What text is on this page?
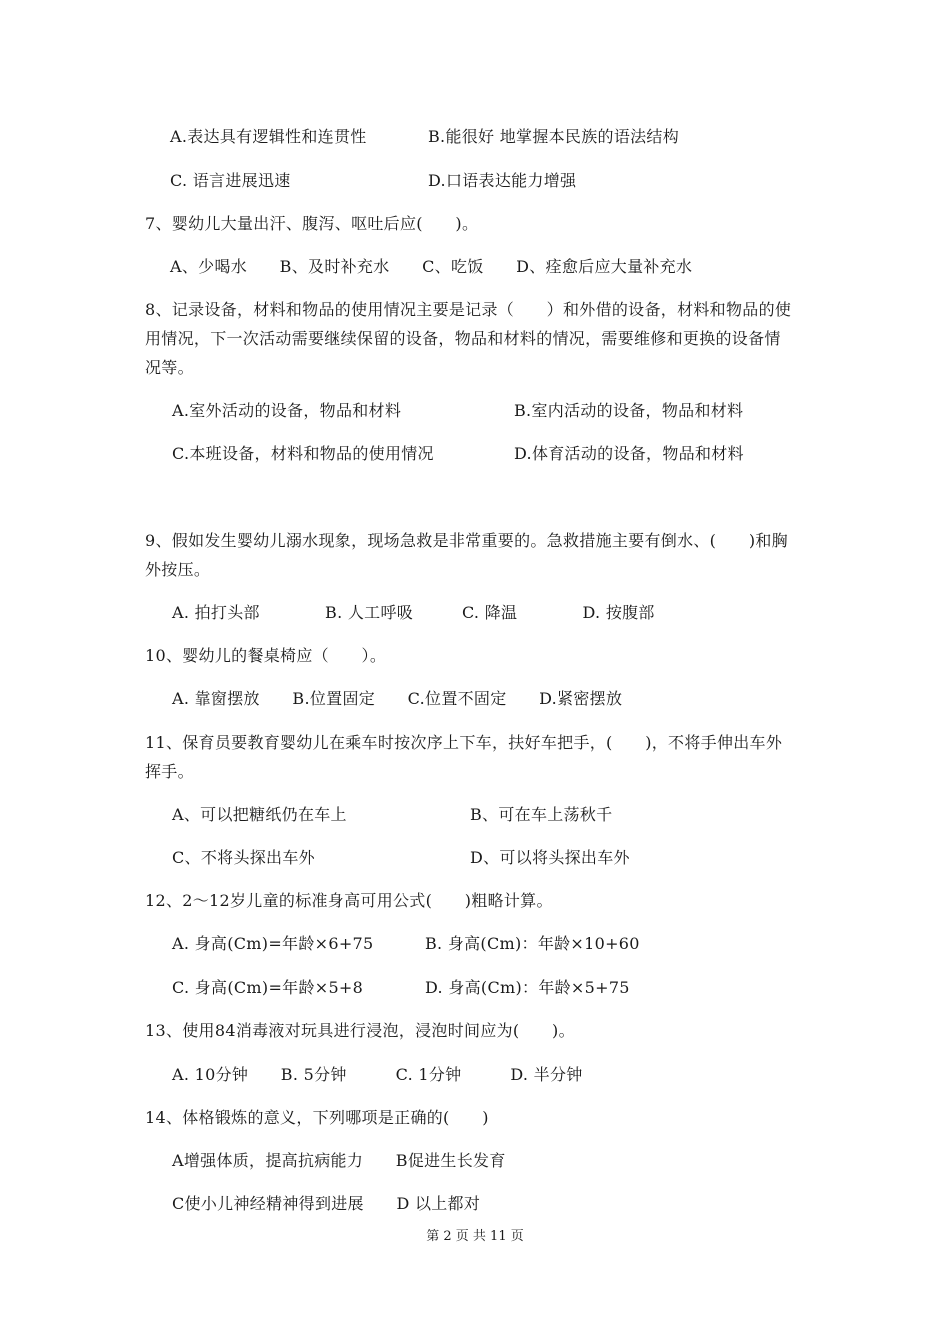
A.表达具有逻辑性和连贯性	B.能很好 地掌握本民族的语法结构
C. 语言进展迅速	D.口语表达能力增强
7、婴幼儿大量出汗、腹泻、呕吐后应(　　)。
A、少喝水　　B、及时补充水　　C、吃饭　　D、痊愈后应大量补充水
8、记录设备，材料和物品的使用情况主要是记录（　　）和外借的设备，材料和物品的使
用情况，下一次活动需要继续保留的设备，物品和材料的情况，需要维修和更换的设备情
况等。
A.室外活动的设备，物品和材料	B.室内活动的设备，物品和材料
C.本班设备，材料和物品的使用情况	D.体育活动的设备，物品和材料
9、假如发生婴幼儿溺水现象，现场急救是非常重要的。急救措施主要有倒水、(　　)和胸
外按压。
A. 拍打头部　　　　B. 人工呼吸　　　C. 降温　　　　D. 按腹部
10、婴幼儿的餐桌椅应（　　）。
A. 靠窗摆放　　B.位置固定　　C.位置不固定　　D.紧密摆放
11、保育员要教育婴幼儿在乘车时按次序上下车，扶好车把手，(　　)，不将手伸出车外
挥手。
A、可以把糖纸仍在车上	B、可在车上荡秋千
C、不将头探出车外	D、可以将头探出车外
12、2～12岁儿童的标准身高可用公式(　　)粗略计算。
A. 身高(Cm)=年龄×6+75	B. 身高(Cm)：年龄×10+60
C. 身高(Cm)=年龄×5+8	D. 身高(Cm)：年龄×5+75
13、使用84消毒液对玩具进行浸泡，浸泡时间应为(　　)。
A. 10分钟　　B. 5分钟　　　C. 1分钟　　　D. 半分钟
14、体格锻炼的意义，下列哪项是正确的(　　)
A增强体质，提高抗病能力　　B促进生长发育
C使小儿神经精神得到进展　　D 以上都对
第 2 页 共 11 页
